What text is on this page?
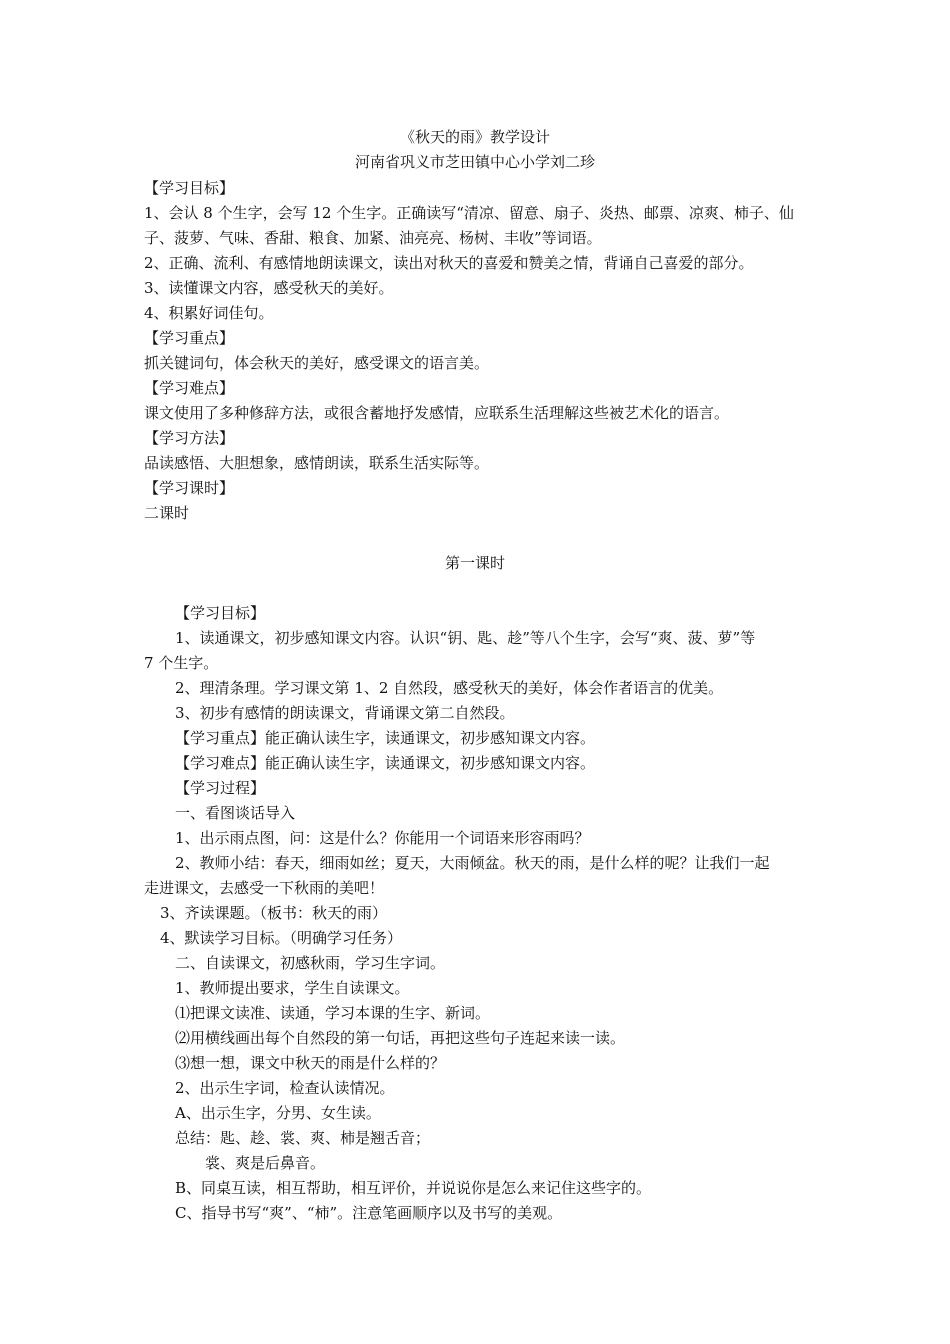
《秋天的雨》教学设计
河南省巩义市芝田镇中心小学刘二珍
【学习目标】
1、会认 8 个生字，会写 12 个生字。正确读写“清凉、留意、扇子、炎热、邮票、凉爽、柿子、仙
子、菠萝、气味、香甜、粮食、加紧、油亮亮、杨树、丰收”等词语。
2、正确、流利、有感情地朗读课文，读出对秋天的喜爱和赞美之情，背诵自己喜爱的部分。
3、读懂课文内容，感受秋天的美好。
4、积累好词佳句。
【学习重点】
抓关键词句，体会秋天的美好，感受课文的语言美。
【学习难点】
课文使用了多种修辞方法，或很含蓄地抒发感情，应联系生活理解这些被艺术化的语言。
【学习方法】
品读感悟、大胆想象，感情朗读，联系生活实际等。
【学习课时】
二课时
第一课时
【学习目标】
1、读通课文，初步感知课文内容。认识“钥、匙、趁”等八个生字，会写“爽、菠、萝”等
7 个生字。
2、理清条理。学习课文第 1、2 自然段，感受秋天的美好，体会作者语言的优美。
3、初步有感情的朗读课文，背诵课文第二自然段。
【学习重点】能正确认读生字，读通课文，初步感知课文内容。
【学习难点】能正确认读生字，读通课文，初步感知课文内容。
【学习过程】
一、看图谈话导入
1、出示雨点图，问：这是什么？你能用一个词语来形容雨吗？
2、教师小结：春天，细雨如丝；夏天，大雨倾盆。秋天的雨，是什么样的呢？让我们一起
走进课文，去感受一下秋雨的美吧！
3、齐读课题。（板书：秋天的雨）
4、默读学习目标。（明确学习任务）
二、自读课文，初感秋雨，学习生字词。
1、教师提出要求，学生自读课文。
⑴把课文读准、读通，学习本课的生字、新词。
⑵用横线画出每个自然段的第一句话，再把这些句子连起来读一读。
⑶想一想，课文中秋天的雨是什么样的？
2、出示生字词，检查认读情况。
A、出示生字，分男、女生读。
总结：匙、趁、裳、爽、柿是翘舌音；
裳、爽是后鼻音。
B、同桌互读，相互帮助，相互评价，并说说你是怎么来记住这些字的。
C、指导书写“爽”、“柿”。注意笔画顺序以及书写的美观。
